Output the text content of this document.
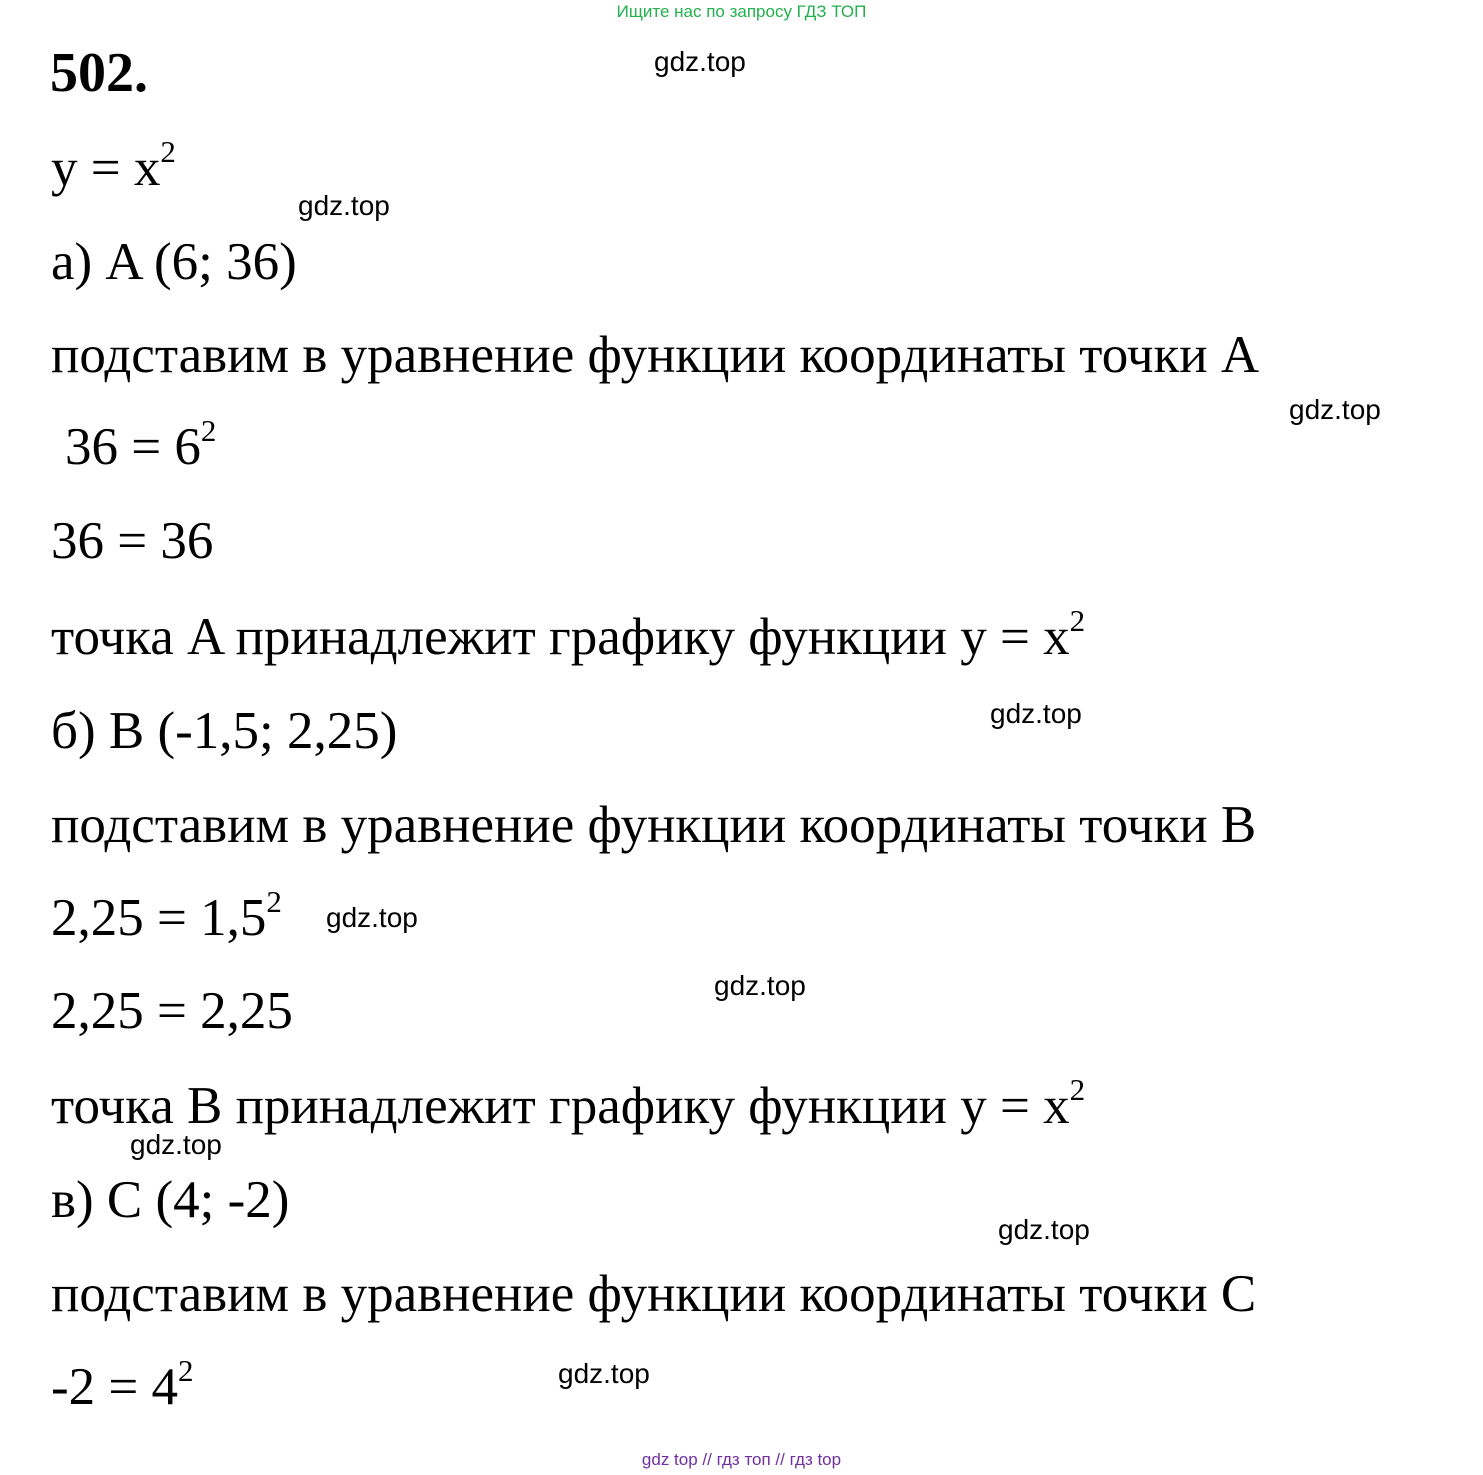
Ищите нас по запросу ГДЗ ТОП
502.
$y = x^2$
а) A (6; 36)
подставим в уравнение функции координаты точки A
$36 = 6^2$
36 = 36
точка A принадлежит графику функции $y = x^2$
б) B (-1,5; 2,25)
подставим в уравнение функции координаты точки B
$2,25 = 1,5^2$
2,25 = 2,25
точка B принадлежит графику функции $y = x^2$
в) C (4; -2)
подставим в уравнение функции координаты точки C
$-2 = 4^2$
gdz.top
gdz.top
gdz.top
gdz.top
gdz.top
gdz.top
gdz.top
gdz.top
gdz.top
gdz top // гдз топ // гдз top
